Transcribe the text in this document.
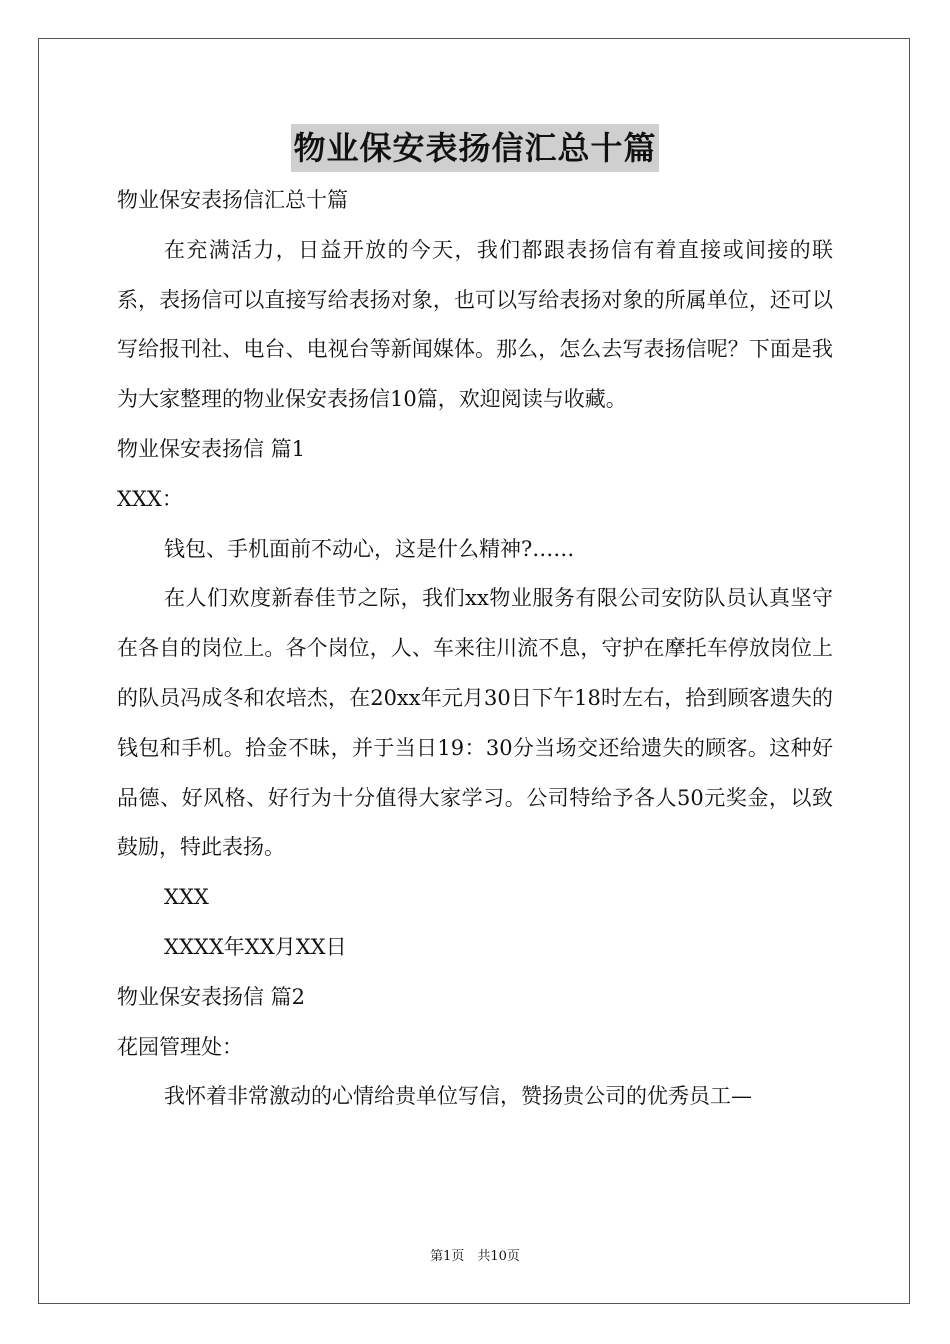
物业保安表扬信汇总十篇

物业保安表扬信汇总十篇

在充满活力，日益开放的今天，我们都跟表扬信有着直接或间接的联系，表扬信可以直接写给表扬对象，也可以写给表扬对象的所属单位，还可以写给报刊社、电台、电视台等新闻媒体。那么，怎么去写表扬信呢？下面是我为大家整理的物业保安表扬信10篇，欢迎阅读与收藏。

物业保安表扬信 篇1

XXX：

钱包、手机面前不动心，这是什么精神?……

在人们欢度新春佳节之际，我们xx物业服务有限公司安防队员认真坚守在各自的岗位上。各个岗位，人、车来往川流不息，守护在摩托车停放岗位上的队员冯成冬和农培杰，在20xx年元月30日下午18时左右，拾到顾客遗失的钱包和手机。拾金不昧，并于当日19：30分当场交还给遗失的顾客。这种好品德、好风格、好行为十分值得大家学习。公司特给予各人50元奖金，以致鼓励，特此表扬。

XXX

XXXX年XX月XX日

物业保安表扬信 篇2

花园管理处：

我怀着非常激动的心情给贵单位写信，赞扬贵公司的优秀员工—

第1页　共10页
